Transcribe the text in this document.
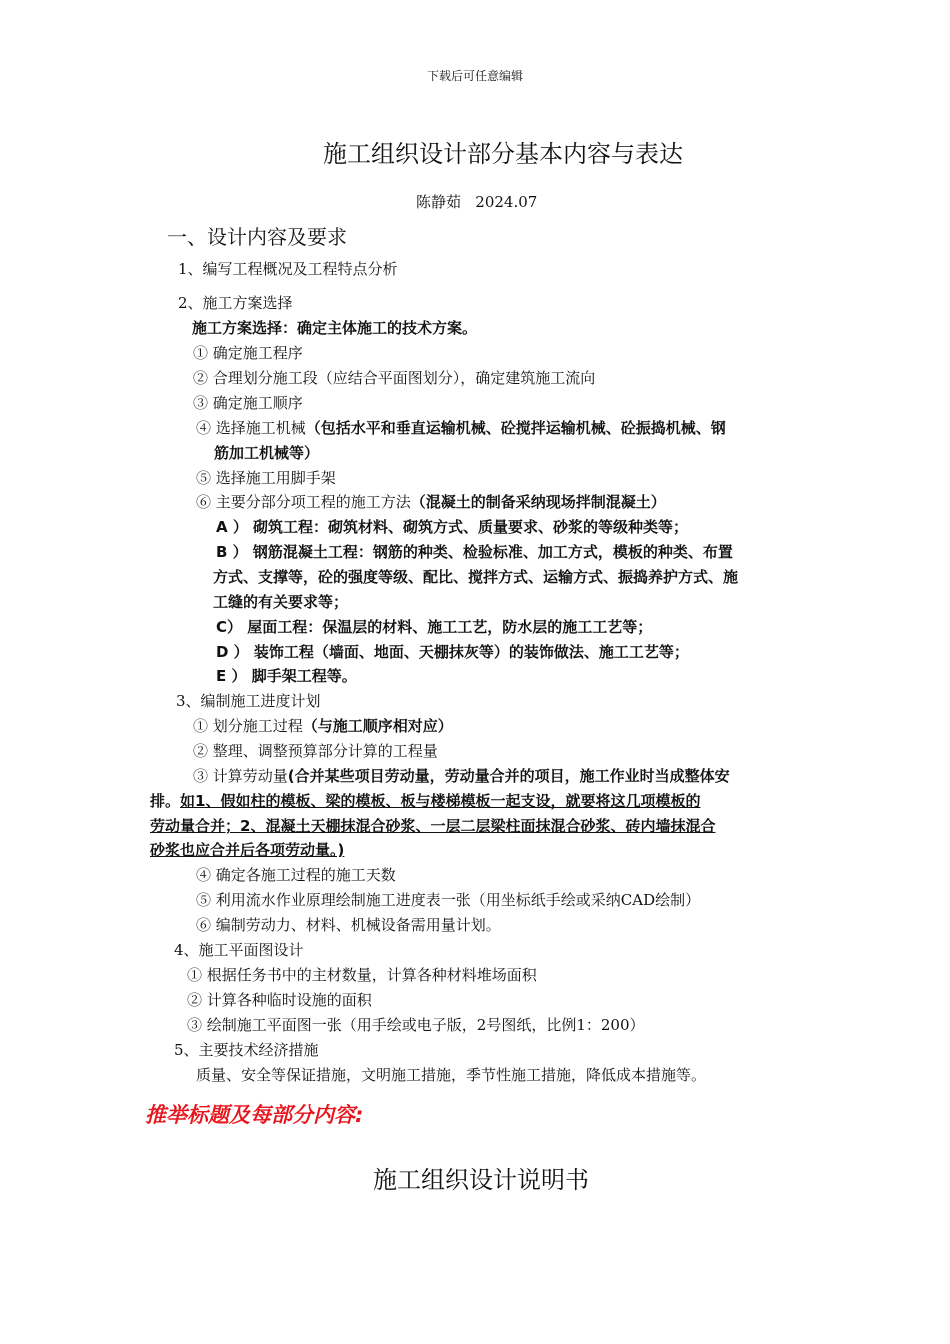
下载后可任意编辑
施工组织设计部分基本内容与表达
陈静茹   2024.07
一、设计内容及要求
1、编写工程概况及工程特点分析
2、施工方案选择
施工方案选择：确定主体施工的技术方案。
① 确定施工程序
② 合理划分施工段（应结合平面图划分），确定建筑施工流向
③ 确定施工顺序
④ 选择施工机械（包括水平和垂直运输机械、砼搅拌运输机械、砼振捣机械、钢
筋加工机械等）
⑤ 选择施工用脚手架
⑥ 主要分部分项工程的施工方法（混凝土的制备采纳现场拌制混凝土）
A ） 砌筑工程：砌筑材料、砌筑方式、质量要求、砂浆的等级种类等；
B ） 钢筋混凝土工程：钢筋的种类、检验标准、加工方式，模板的种类、布置
方式、支撑等，砼的强度等级、配比、搅拌方式、运输方式、振捣养护方式、施
工缝的有关要求等；
C） 屋面工程：保温层的材料、施工工艺，防水层的施工工艺等；
D ） 装饰工程（墙面、地面、天棚抹灰等）的装饰做法、施工工艺等；
E ） 脚手架工程等。
3、编制施工进度计划
① 划分施工过程（与施工顺序相对应）
② 整理、调整预算部分计算的工程量
③ 计算劳动量(合并某些项目劳动量，劳动量合并的项目，施工作业时当成整体安
排。如1、假如柱的模板、梁的模板、板与楼梯模板一起支设，就要将这几项模板的
劳动量合并；2、混凝土天棚抹混合砂浆、一层二层梁柱面抹混合砂浆、砖内墙抹混合
砂浆也应合并后各项劳动量。)
④ 确定各施工过程的施工天数
⑤ 利用流水作业原理绘制施工进度表一张（用坐标纸手绘或采纳CAD绘制）
⑥ 编制劳动力、材料、机械设备需用量计划。
4、施工平面图设计
① 根据任务书中的主材数量，计算各种材料堆场面积
② 计算各种临时设施的面积
③ 绘制施工平面图一张（用手绘或电子版，2号图纸，比例1：200）
5、主要技术经济措施
质量、安全等保证措施，文明施工措施，季节性施工措施，降低成本措施等。
推举标题及每部分内容:
施工组织设计说明书
